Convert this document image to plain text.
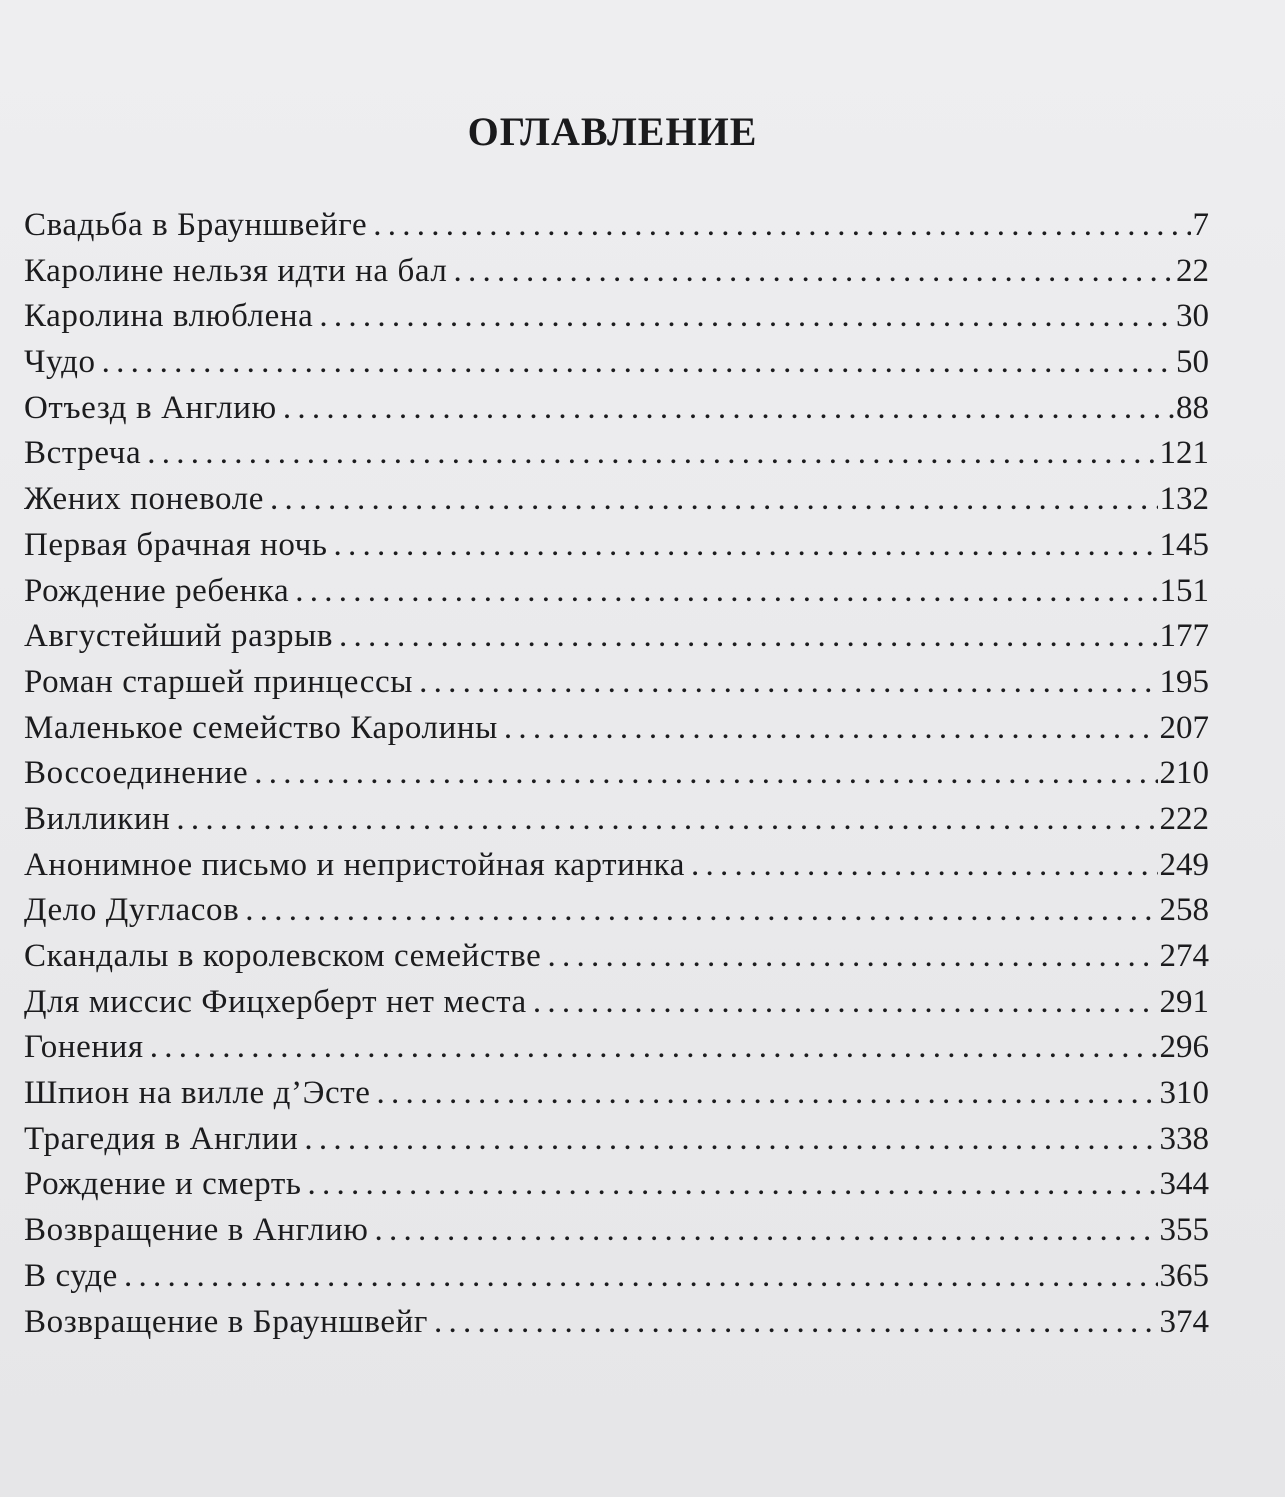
ОГЛАВЛЕНИЕ
Свадьба в Брауншвейге . . .	7
Каролине нельзя идти на бал . . .	22
Каролина влюблена . . .	30
Чудо . . .	50
Отъезд в Англию . . .	88
Встреча . . .	121
Жених поневоле . . .	132
Первая брачная ночь . . .	145
Рождение ребенка . . .	151
Августейший разрыв . . .	177
Роман старшей принцессы . . .	195
Маленькое семейство Каролины . . .	207
Воссоединение . . .	210
Вилликин . . .	222
Анонимное письмо и непристойная картинка . . .	249
Дело Дугласов . . .	258
Скандалы в королевском семействе . . .	274
Для миссис Фицхерберт нет места . . .	291
Гонения . . .	296
Шпион на вилле д’Эсте . . .	310
Трагедия в Англии . . .	338
Рождение и смерть . . .	344
Возвращение в Англию . . .	355
В суде . . .	365
Возвращение в Брауншвейг . . .	374
